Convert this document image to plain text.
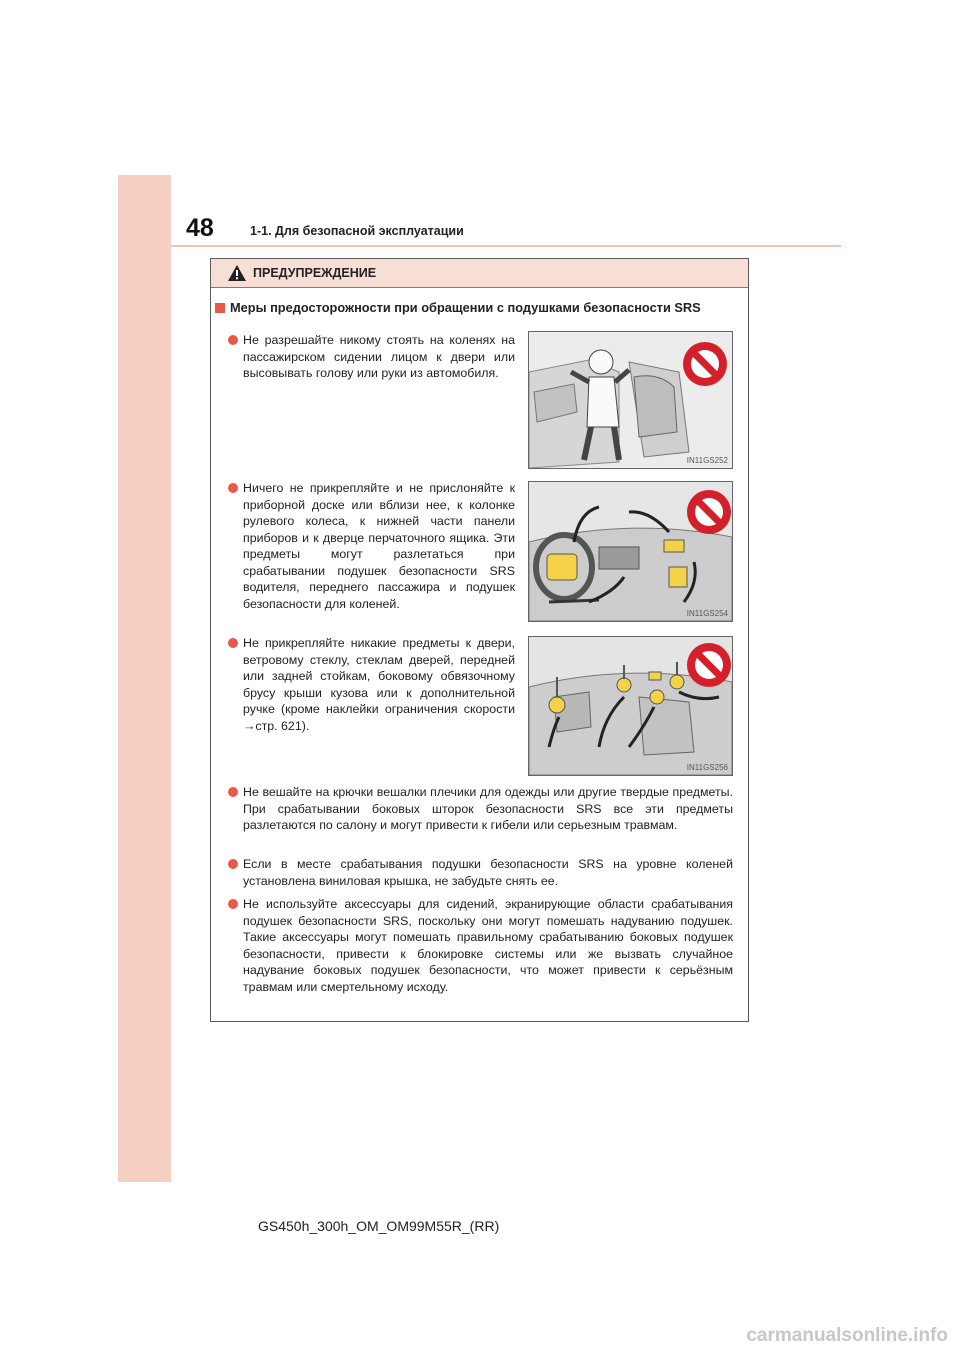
48	1-1. Для безопасной эксплуатации
ПРЕДУПРЕЖДЕНИЕ
Меры предосторожности при обращении с подушками безопасности SRS
Не разрешайте никому стоять на коленях на пассажирском сидении лицом к двери или высовывать голову или руки из автомобиля.
IN11GS252
Ничего не прикрепляйте и не прислоняйте к приборной доске или вблизи нее, к колонке рулевого колеса, к нижней части панели приборов и к дверце перчаточного ящика. Эти предметы могут разлетаться при срабатывании подушек безопасности SRS водителя, переднего пассажира и подушек безопасности для коленей.
IN11GS254
Не прикрепляйте никакие предметы к двери, ветровому стеклу, стеклам дверей, передней или задней стойкам, боковому обвязочному брусу крыши кузова или к дополнительной ручке (кроме наклейки ограничения скорости →стр. 621).
IN11GS256
Не вешайте на крючки вешалки плечики для одежды или другие твердые предметы. При срабатывании боковых шторок безопасности SRS все эти предметы разлетаются по салону и могут привести к гибели или серьезным травмам.
Если в месте срабатывания подушки безопасности SRS на уровне коленей установлена виниловая крышка, не забудьте снять ее.
Не используйте аксессуары для сидений, экранирующие области срабатывания подушек безопасности SRS, поскольку они могут помешать надуванию подушек. Такие аксессуары могут помешать правильному срабатыванию боковых подушек безопасности, привести к блокировке системы или же вызвать случайное надувание боковых подушек безопасности, что может привести к серьёзным травмам или смертельному исходу.
GS450h_300h_OM_OM99M55R_(RR)
carmanualsonline.info
